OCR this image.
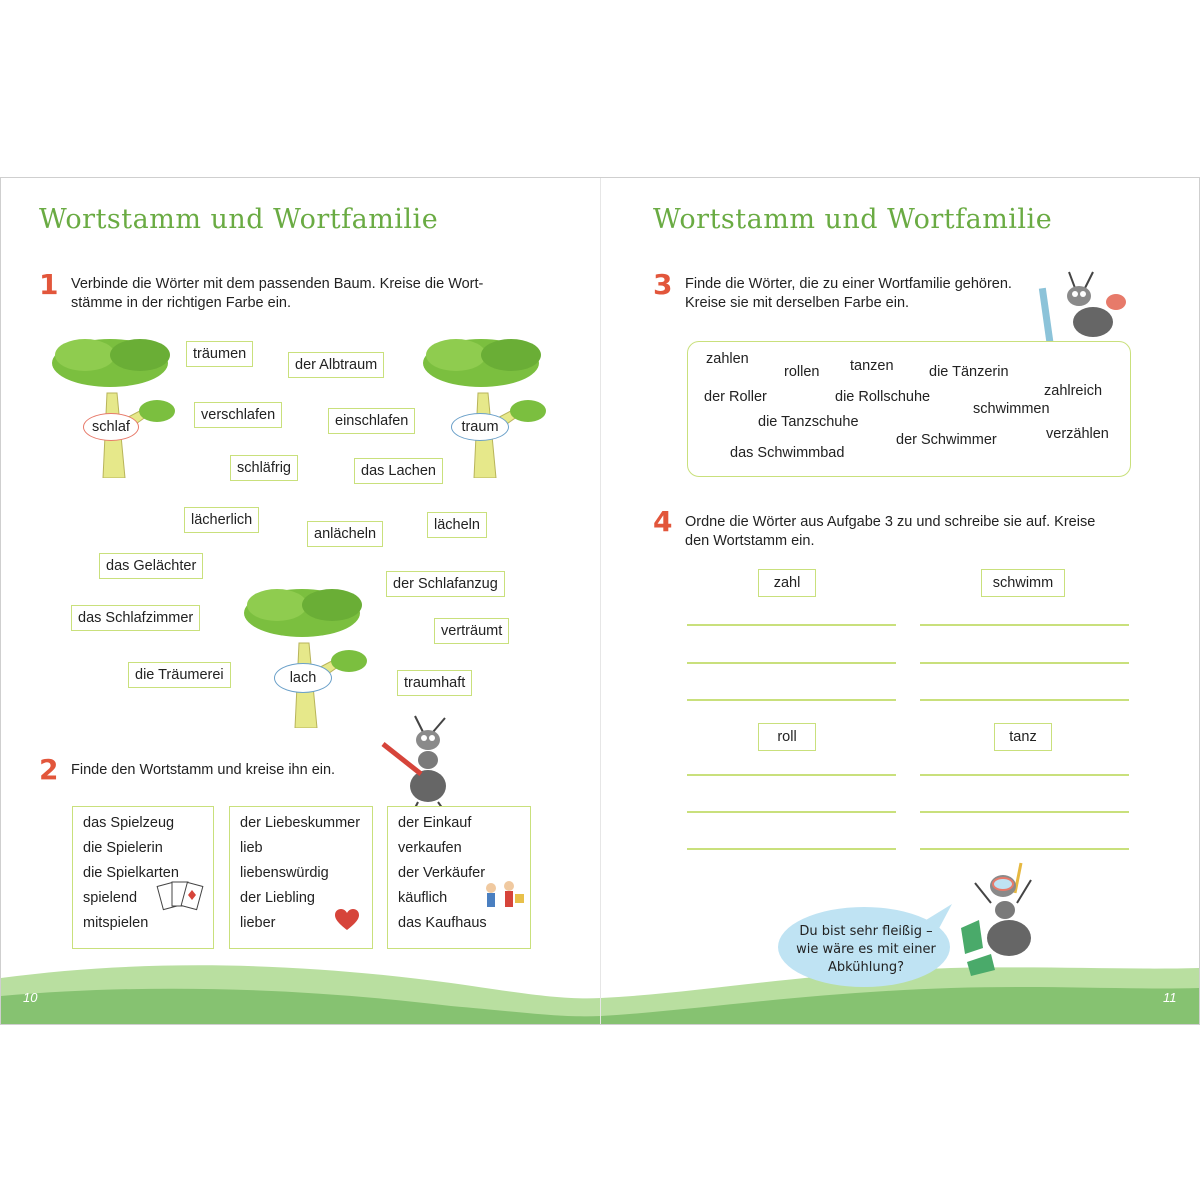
Wortstamm und Wortfamilie
1 Verbinde die Wörter mit dem passenden Baum. Kreise die Wort-
stämme in der richtigen Farbe ein.
schlaf	traum
lach
träumen
der Albtraum
verschlafen	einschlafen
schläfrig	das Lachen
lächerlich
anlächeln
lächeln
das Gelächter
der Schlafanzug
das Schlafzimmer
verträumt
die Träumerei	traumhaft
2 Finde den Wortstamm und kreise ihn ein.
das Spielzeug
die Spielerin
die Spielkarten
spielend
mitspielen
der Liebeskummer
lieb
liebenswürdig
der Liebling
lieber
der Einkauf
verkaufen
der Verkäufer
käuflich
das Kaufhaus
10
Wortstamm und Wortfamilie
3 Finde die Wörter, die zu einer Wortfamilie gehören.
Kreise sie mit derselben Farbe ein.
zahlen
rollen tanzen die Tänzerin
zahlreich
der Roller	die Rollschuhe
schwimmen
die Tanzschuhe
der Schwimmer	verzählen
das Schwimmbad
4 Ordne die Wörter aus Aufgabe 3 zu und schreibe sie auf. Kreise
den Wortstamm ein.
zahl	schwimm
roll	tanz
Du bist sehr fleißig –
wie wäre es mit einer
Abkühlung?
11
